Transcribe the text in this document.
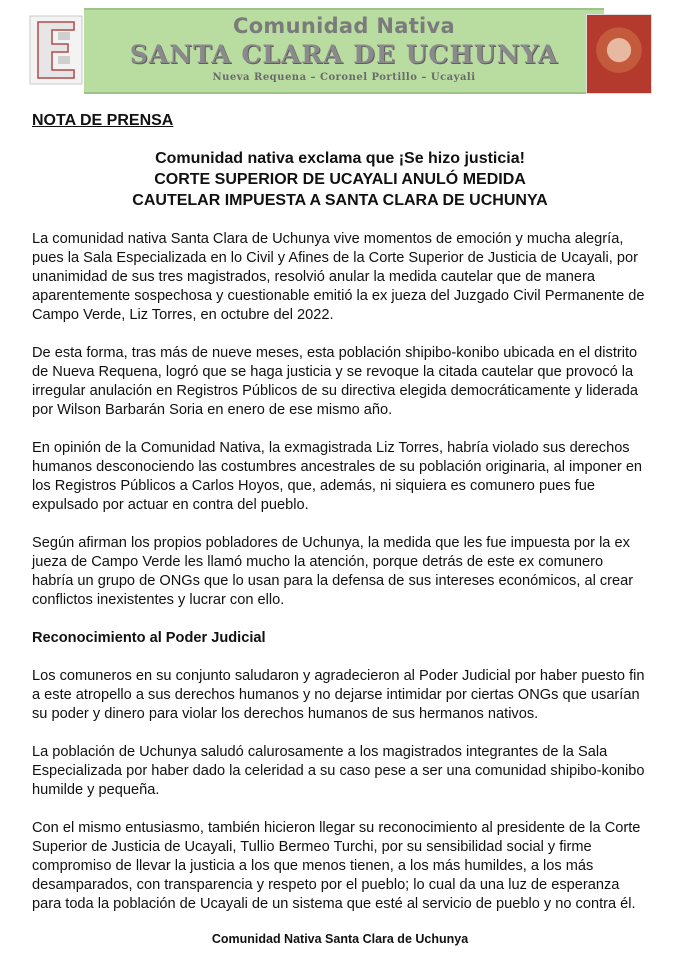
Comunidad Nativa
SANTA CLARA DE UCHUNYA
Nueva Requena – Coronel Portillo – Ucayali
NOTA DE PRENSA
Comunidad nativa exclama que ¡Se hizo justicia!
CORTE SUPERIOR DE UCAYALI ANULÓ MEDIDA
CAUTELAR IMPUESTA A SANTA CLARA DE UCHUNYA

La comunidad nativa Santa Clara de Uchunya vive momentos de emoción y mucha alegría, pues la Sala Especializada en lo Civil y Afines de la Corte Superior de Justicia de Ucayali, por unanimidad de sus tres magistrados, resolvió anular la medida cautelar que de manera aparentemente sospechosa y cuestionable emitió la ex jueza del Juzgado Civil Permanente de Campo Verde, Liz Torres, en octubre del 2022.

De esta forma, tras más de nueve meses, esta población shipibo-konibo ubicada en el distrito de Nueva Requena, logró que se haga justicia y se revoque la citada cautelar que provocó la irregular anulación en Registros Públicos de su directiva elegida democráticamente y liderada por Wilson Barbarán Soria en enero de ese mismo año.

En opinión de la Comunidad Nativa, la exmagistrada Liz Torres, habría violado sus derechos humanos desconociendo las costumbres ancestrales de su población originaria, al imponer en los Registros Públicos a Carlos Hoyos, que, además, ni siquiera es comunero pues fue expulsado por actuar en contra del pueblo.

Según afirman los propios pobladores de Uchunya, la medida que les fue impuesta por la ex jueza de Campo Verde les llamó mucho la atención, porque detrás de este ex comunero habría un grupo de ONGs que lo usan para la defensa de sus intereses económicos, al crear conflictos inexistentes y lucrar con ello.

Reconocimiento al Poder Judicial

Los comuneros en su conjunto saludaron y agradecieron al Poder Judicial por haber puesto fin a este atropello a sus derechos humanos y no dejarse intimidar por ciertas ONGs que usarían su poder y dinero para violar los derechos humanos de sus hermanos nativos.

La población de Uchunya saludó calurosamente a los magistrados integrantes de la Sala Especializada por haber dado la celeridad a su caso pese a ser una comunidad shipibo-konibo humilde y pequeña.

Con el mismo entusiasmo, también hicieron llegar su reconocimiento al presidente de la Corte Superior de Justicia de Ucayali, Tullio Bermeo Turchi, por su sensibilidad social y firme compromiso de llevar la justicia a los que menos tienen, a los más humildes, a los más desamparados, con transparencia y respeto por el pueblo; lo cual da una luz de esperanza para toda la población de Ucayali de un sistema que esté al servicio de pueblo y no contra él.

Comunidad Nativa Santa Clara de Uchunya
